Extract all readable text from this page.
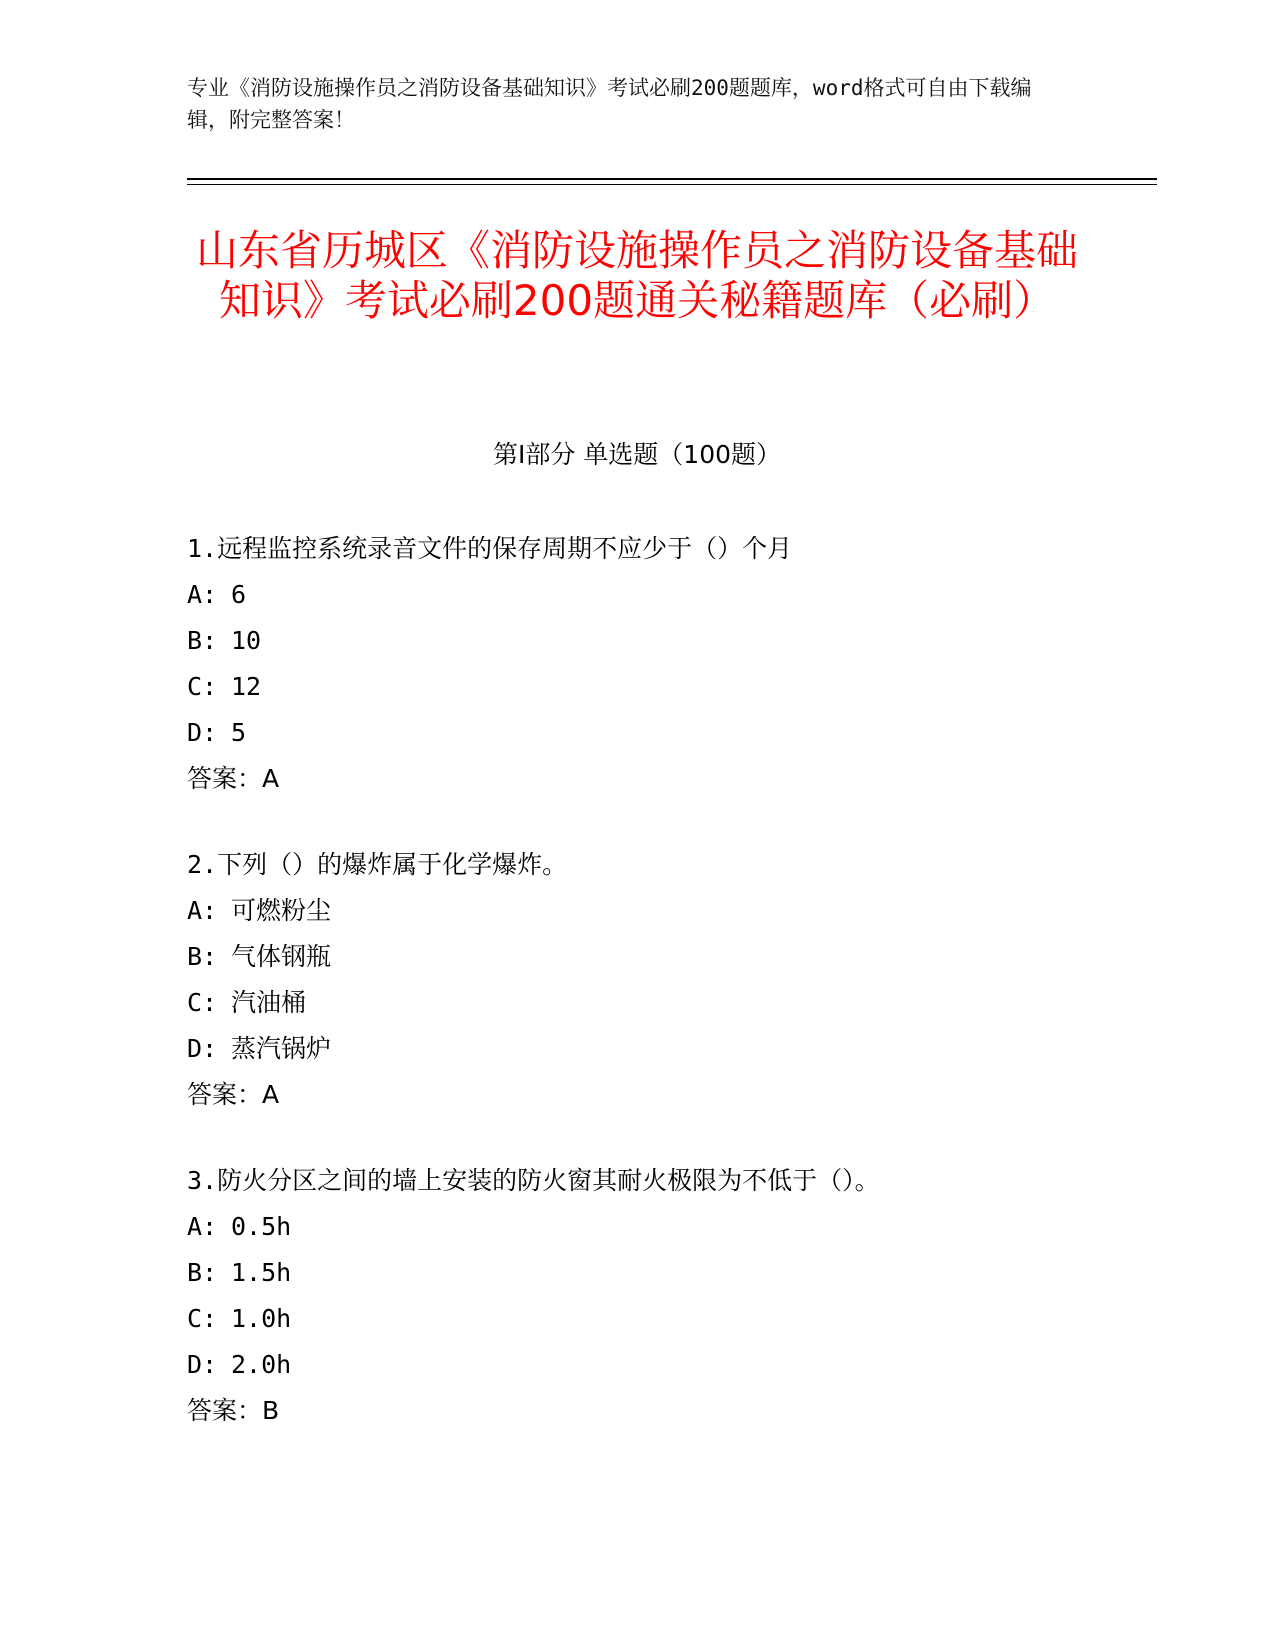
专业《消防设施操作员之消防设备基础知识》考试必刷200题题库，word格式可自由下载编辑，附完整答案！
山东省历城区《消防设施操作员之消防设备基础知识》考试必刷200题通关秘籍题库（必刷）
第I部分 单选题（100题）
1.远程监控系统录音文件的保存周期不应少于（）个月
A: 6
B: 10
C: 12
D: 5
答案：A
2.下列（）的爆炸属于化学爆炸。
A: 可燃粉尘
B: 气体钢瓶
C: 汽油桶
D: 蒸汽锅炉
答案：A
3.防火分区之间的墙上安装的防火窗其耐火极限为不低于（）。
A: 0.5h
B: 1.5h
C: 1.0h
D: 2.0h
答案：B
